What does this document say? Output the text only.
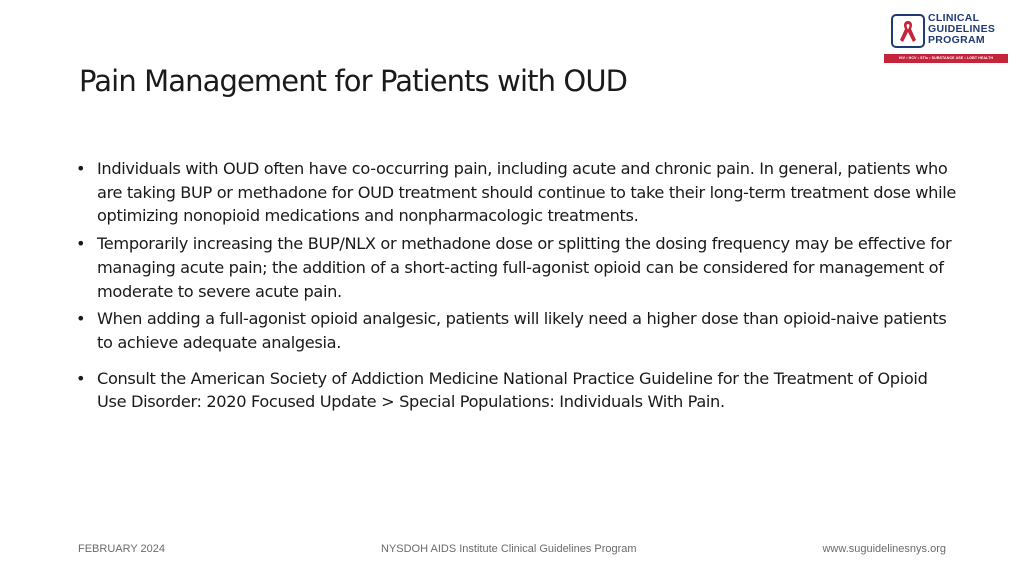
CLINICAL
GUIDELINES
PROGRAM
HIV • HCV • STIs • SUBSTANCE USE • LGBT HEALTH
Pain Management for Patients with OUD
• Individuals with OUD often have co-occurring pain, including acute and chronic pain. In general, patients who are taking BUP or methadone for OUD treatment should continue to take their long-term treatment dose while optimizing nonopioid medications and nonpharmacologic treatments.
• Temporarily increasing the BUP/NLX or methadone dose or splitting the dosing frequency may be effective for managing acute pain; the addition of a short-acting full-agonist opioid can be considered for management of moderate to severe acute pain.
• When adding a full-agonist opioid analgesic, patients will likely need a higher dose than opioid-naive patients to achieve adequate analgesia.
• Consult the American Society of Addiction Medicine National Practice Guideline for the Treatment of Opioid Use Disorder: 2020 Focused Update > Special Populations: Individuals With Pain.
FEBRUARY 2024	NYSDOH AIDS Institute Clinical Guidelines Program	www.suguidelinesnys.org
